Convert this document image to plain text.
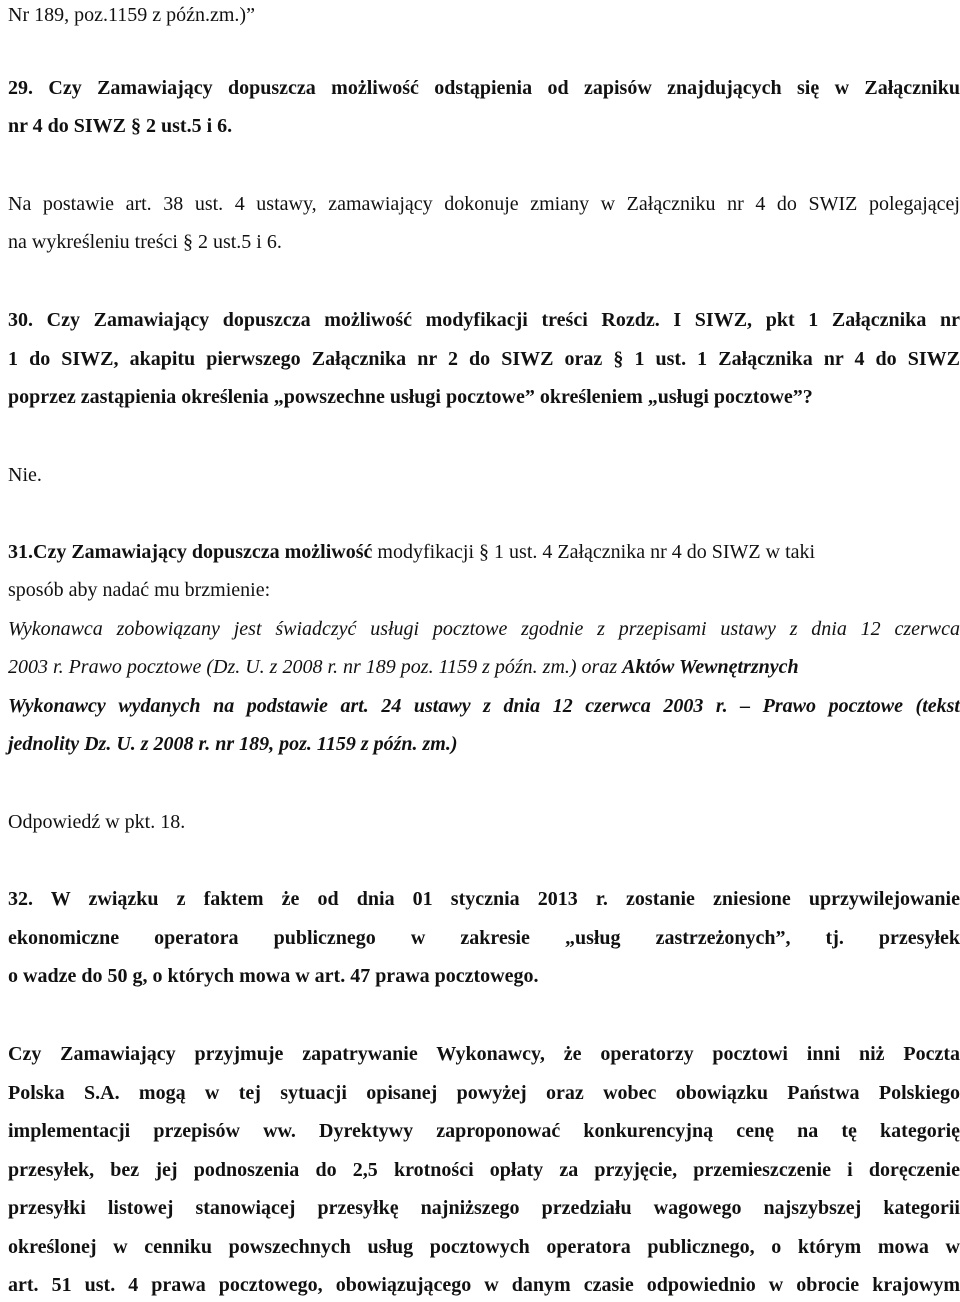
Nr 189, poz.1159 z późn.zm.)”
29. Czy Zamawiający dopuszcza możliwość odstąpienia od zapisów znajdujących się w Załączniku
nr 4 do SIWZ § 2 ust.5 i 6.
Na postawie art. 38 ust. 4 ustawy, zamawiający dokonuje zmiany w Załączniku nr 4 do SWIZ polegającej
na wykreśleniu treści § 2 ust.5 i 6.
30. Czy Zamawiający dopuszcza możliwość modyfikacji treści Rozdz. I SIWZ, pkt 1 Załącznika nr
1 do SIWZ, akapitu pierwszego Załącznika nr 2 do SIWZ oraz § 1 ust. 1 Załącznika nr 4 do SIWZ
poprzez zastąpienia określenia „powszechne usługi pocztowe” określeniem „usługi pocztowe”?
Nie.
31.Czy Zamawiający dopuszcza możliwość modyfikacji § 1 ust. 4 Załącznika nr 4 do SIWZ w taki
sposób aby nadać mu brzmienie:
Wykonawca zobowiązany jest świadczyć usługi pocztowe zgodnie z przepisami ustawy z dnia 12 czerwca
2003 r. Prawo pocztowe (Dz. U. z 2008 r. nr 189 poz. 1159 z późn. zm.) oraz Aktów Wewnętrznych
Wykonawcy wydanych na podstawie art. 24 ustawy z dnia 12 czerwca 2003 r. – Prawo pocztowe (tekst
jednolity Dz. U. z 2008 r. nr 189, poz. 1159 z późn. zm.)
Odpowiedź w pkt. 18.
32. W związku z faktem że od dnia 01 stycznia 2013 r. zostanie zniesione uprzywilejowanie
ekonomiczne operatora publicznego w zakresie „usług zastrzeżonych”, tj. przesyłek
o wadze do 50 g, o których mowa w art. 47 prawa pocztowego.
Czy Zamawiający przyjmuje zapatrywanie Wykonawcy, że operatorzy pocztowi inni niż Poczta
Polska S.A. mogą w tej sytuacji opisanej powyżej oraz wobec obowiązku Państwa Polskiego
implementacji przepisów ww. Dyrektywy zaproponować konkurencyjną cenę na tę kategorię
przesyłek, bez jej podnoszenia do 2,5 krotności opłaty za przyjęcie, przemieszczenie i doręczenie
przesyłki listowej stanowiącej przesyłkę najniższego przedziału wagowego najszybszej kategorii
określonej w cenniku powszechnych usług pocztowych operatora publicznego, o którym mowa w
art. 51 ust. 4 prawa pocztowego, obowiązującego w danym czasie odpowiednio w obrocie krajowym
